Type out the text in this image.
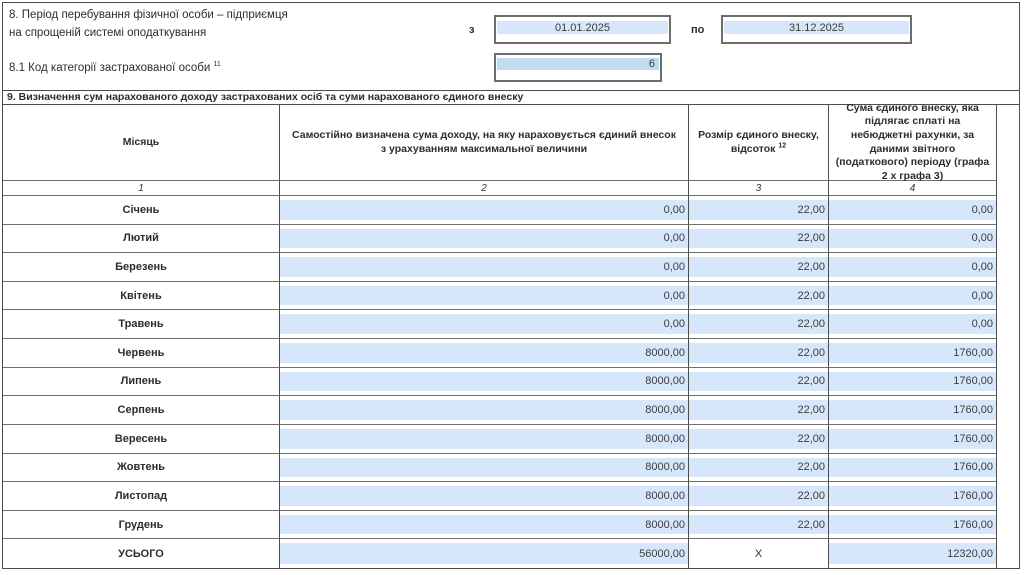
8. Період перебування фізичної особи – підприємця
на спрощеній системі оподаткування	з	01.01.2025	по	31.12.2025
8.1 Код категорії застрахованої особи $^{11}$	6
9. Визначення сум нарахованого доходу застрахованих осіб та суми нарахованого єдиного внеску
Місяць
Самостійно визначена сума доходу, на яку нараховується єдиний внесок з урахуванням максимальної величини
Розмір єдиного внеску, відсоток $^{12}$
Сума єдиного внеску, яка підлягає сплаті на небюджетні рахунки, за даними звітного (податкового) періоду (графа 2 х графа 3)
1	2	3	4
Січень	0,00	22,00	0,00
Лютий	0,00	22,00	0,00
Березень	0,00	22,00	0,00
Квітень	0,00	22,00	0,00
Травень	0,00	22,00	0,00
Червень	8000,00	22,00	1760,00
Липень	8000,00	22,00	1760,00
Серпень	8000,00	22,00	1760,00
Вересень	8000,00	22,00	1760,00
Жовтень	8000,00	22,00	1760,00
Листопад	8000,00	22,00	1760,00
Грудень	8000,00	22,00	1760,00
УСЬОГО	56000,00	Х	12320,00
